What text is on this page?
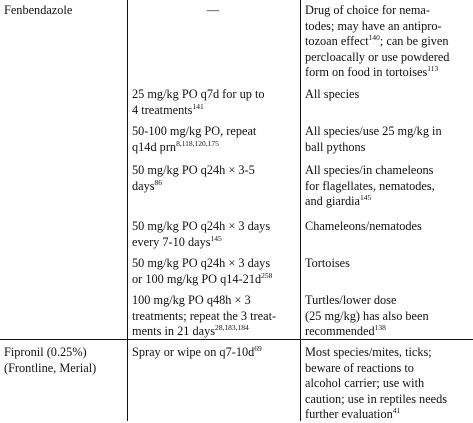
Fenbendazole

Fipronil (0.25%)
(Frontline, Merial)

—

25 mg/kg PO q7d for up to
4 treatments$^{141}$

50-100 mg/kg PO, repeat
q14d prn$^{8,118,120,175}$

50 mg/kg PO q24h × 3-5
days$^{86}$

50 mg/kg PO q24h × 3 days
every 7-10 days$^{145}$

50 mg/kg PO q24h × 3 days
or 100 mg/kg PO $q14-21d^{258}$

100 mg/kg PO q48h × 3
treatments; repeat the 3 treat-
ments in 21 days$^{28,183,184}$

Spray or wipe on $q7-10d^{69}$

Drug of choice for nema-
todes; may have an antipro-
tozoan effect$^{140}$; can be given
percloacally or use powdered
form on food in tortoises$^{113}$

All species

All species/use 25 mg/kg in
ball pythons

All species/in chameleons
for flagellates, nematodes,
and giardia$^{145}$

Chameleons/nematodes

Tortoises

Turtles/lower dose
(25 mg/kg) has also been
recommended$^{138}$

Most species/mites, ticks;
beware of reactions to
alcohol carrier; use with
caution; use in reptiles needs
further evaluation$^{41}$
